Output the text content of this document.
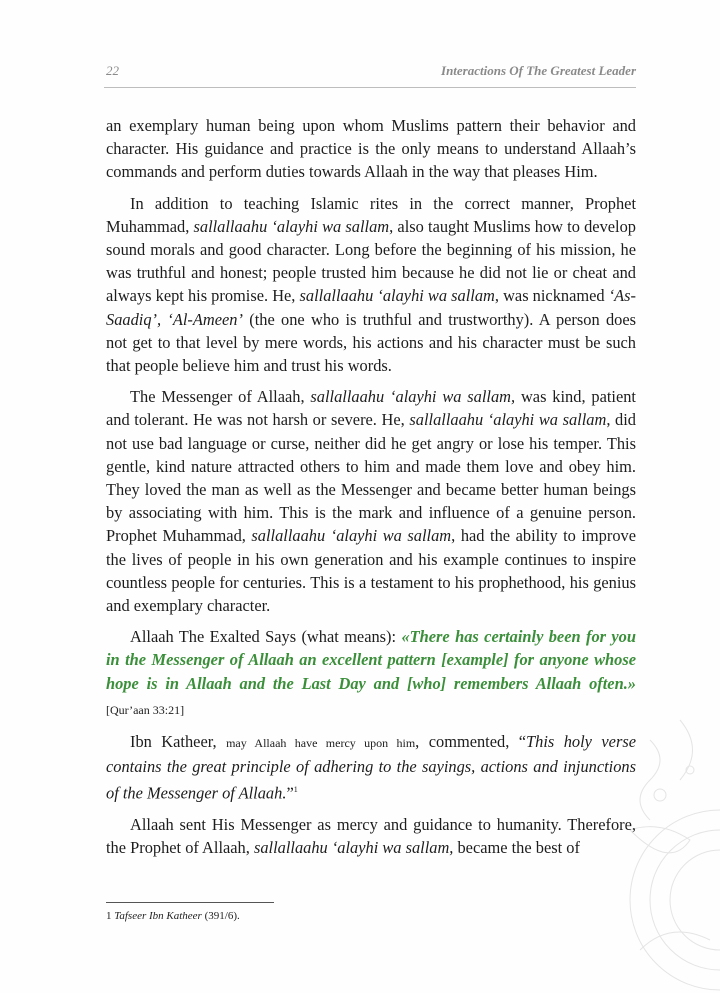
22	Interactions Of The Greatest Leader

an exemplary human being upon whom Muslims pattern their behavior and character. His guidance and practice is the only means to understand Allaah’s commands and perform duties towards Allaah in the way that pleases Him.

In addition to teaching Islamic rites in the correct manner, Prophet Muhammad, sallallaahu ‘alayhi wa sallam, also taught Muslims how to develop sound morals and good character. Long before the beginning of his mission, he was truthful and honest; people trusted him because he did not lie or cheat and always kept his promise. He, sallallaahu ‘alayhi wa sallam, was nicknamed ‘As-Saadiq’, ‘Al-Ameen’ (the one who is truthful and trustworthy). A person does not get to that level by mere words, his actions and his character must be such that people believe him and trust his words.

The Messenger of Allaah, sallallaahu ‘alayhi wa sallam, was kind, patient and tolerant. He was not harsh or severe. He, sallallaahu ‘alayhi wa sallam, did not use bad language or curse, neither did he get angry or lose his temper. This gentle, kind nature attracted others to him and made them love and obey him. They loved the man as well as the Messenger and became better human beings by associating with him. This is the mark and influence of a genuine person. Prophet Muhammad, sallallaahu ‘alayhi wa sallam, had the ability to improve the lives of people in his own generation and his example continues to inspire countless people for centuries. This is a testament to his prophethood, his genius and exemplary character.

Allaah The Exalted Says (what means): «There has certainly been for you in the Messenger of Allaah an excellent pattern [example] for anyone whose hope is in Allaah and the Last Day and [who] remembers Allaah often.» [Qur’aan 33:21]

Ibn Katheer, may Allaah have mercy upon him, commented, “This holy verse contains the great principle of adhering to the sayings, actions and injunctions of the Messenger of Allaah.”$^1$

Allaah sent His Messenger as mercy and guidance to humanity. Therefore, the Prophet of Allaah, sallallaahu ‘alayhi wa sallam, became the best of

1 Tafseer Ibn Katheer (391/6).
